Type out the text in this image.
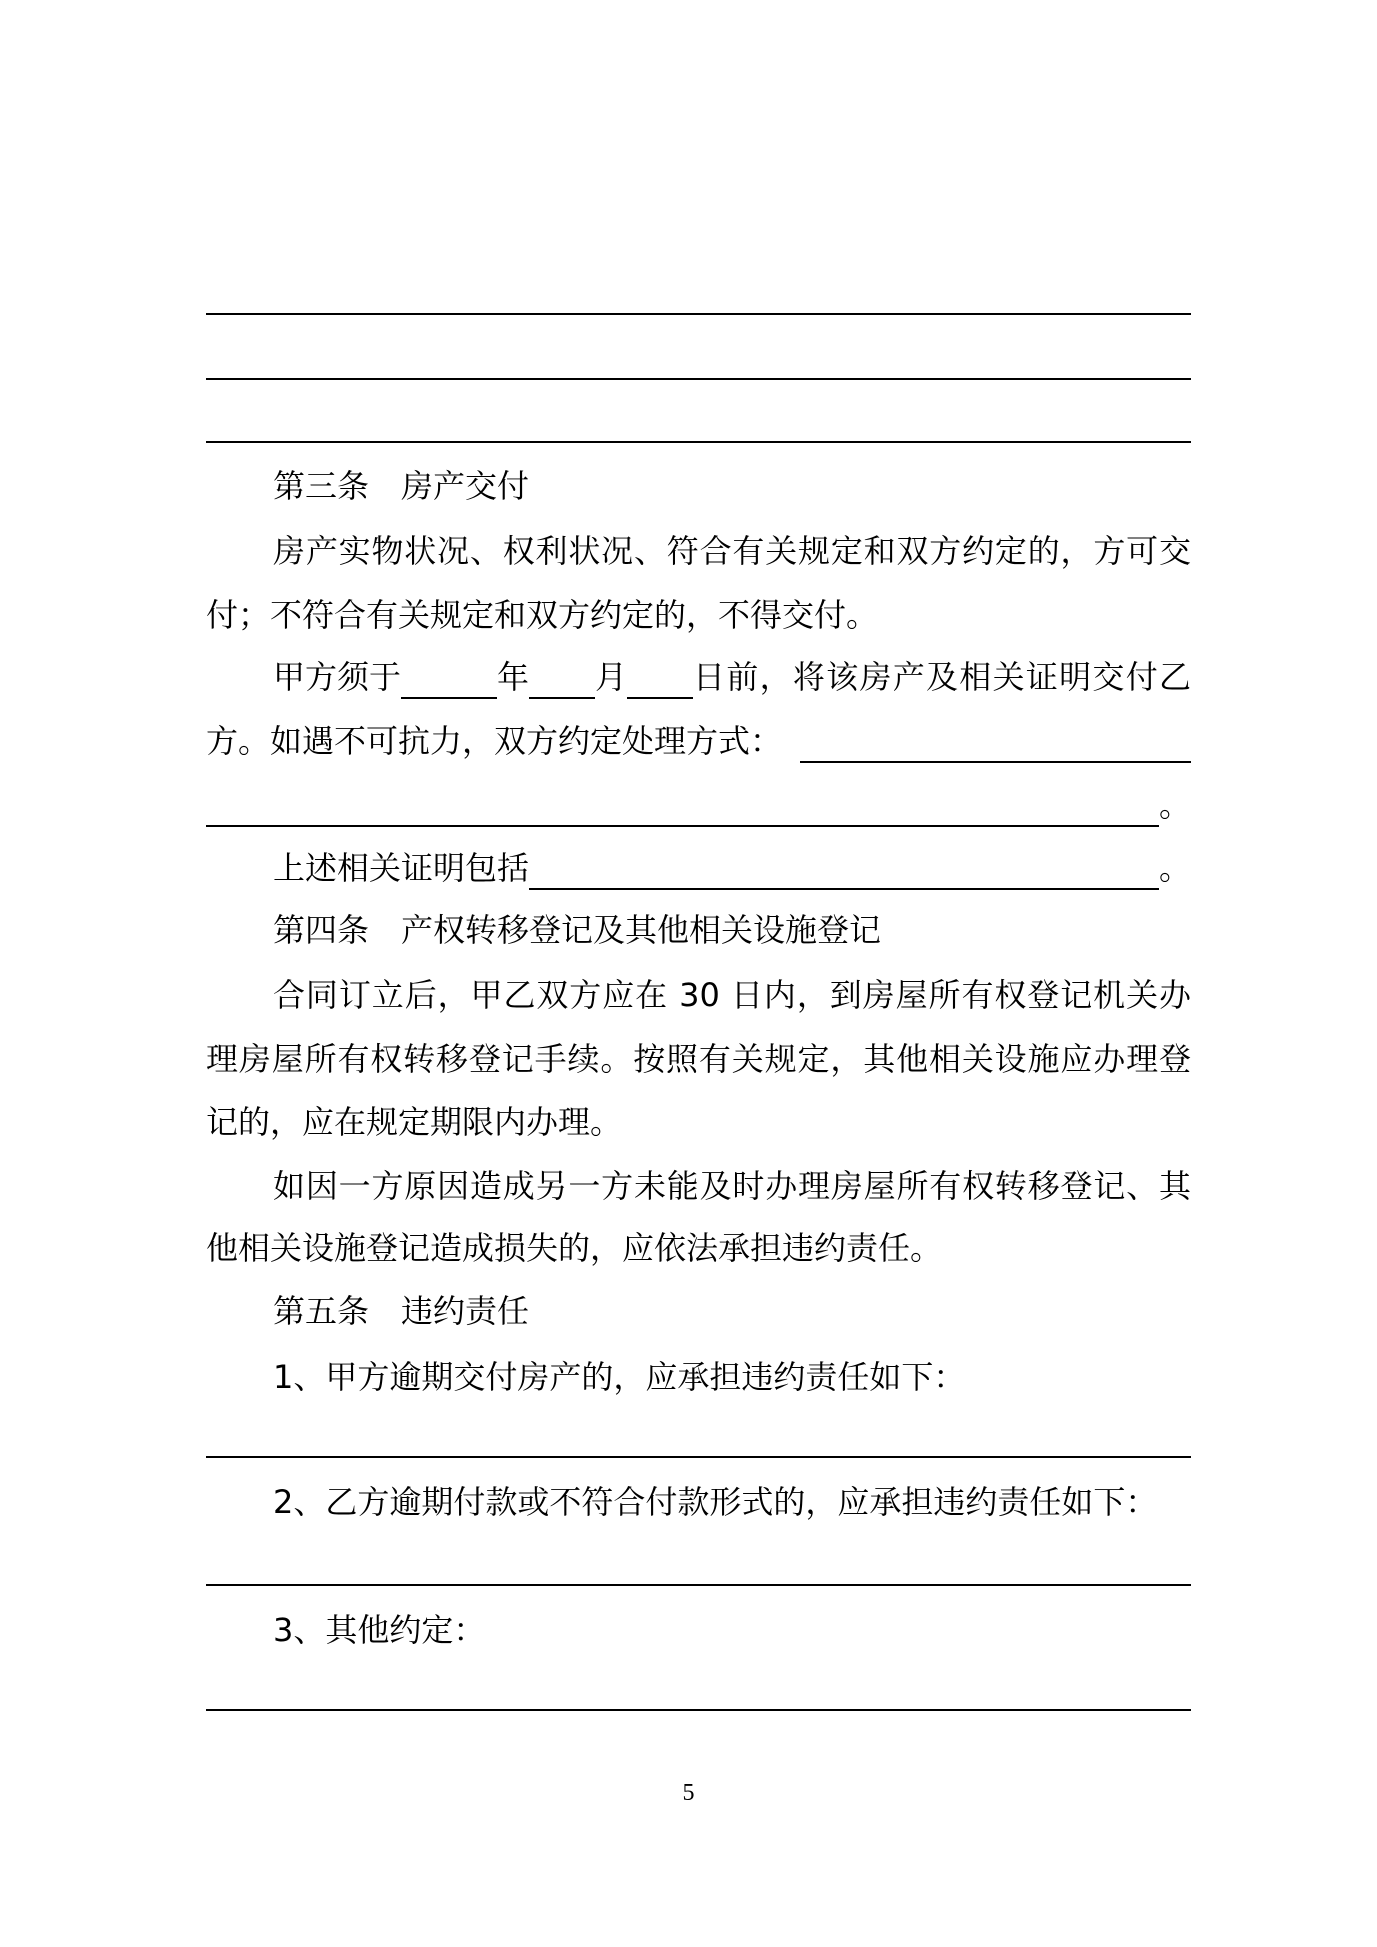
第三条　房产交付
房产实物状况、权利状况、符合有关规定和双方约定的，方可交
付；不符合有关规定和双方约定的，不得交付。
甲方须于	年 月 日前，将该房产及相关证明交付乙
方。如遇不可抗力，双方约定处理方式：
。
上述相关证明包括	。
第四条　产权转移登记及其他相关设施登记
合同订立后，甲乙双方应在 30 日内，到房屋所有权登记机关办
理房屋所有权转移登记手续。按照有关规定，其他相关设施应办理登
记的，应在规定期限内办理。
如因一方原因造成另一方未能及时办理房屋所有权转移登记、其
他相关设施登记造成损失的，应依法承担违约责任。
第五条　违约责任
1、甲方逾期交付房产的，应承担违约责任如下：
2、乙方逾期付款或不符合付款形式的，应承担违约责任如下：
3、其他约定：
5
